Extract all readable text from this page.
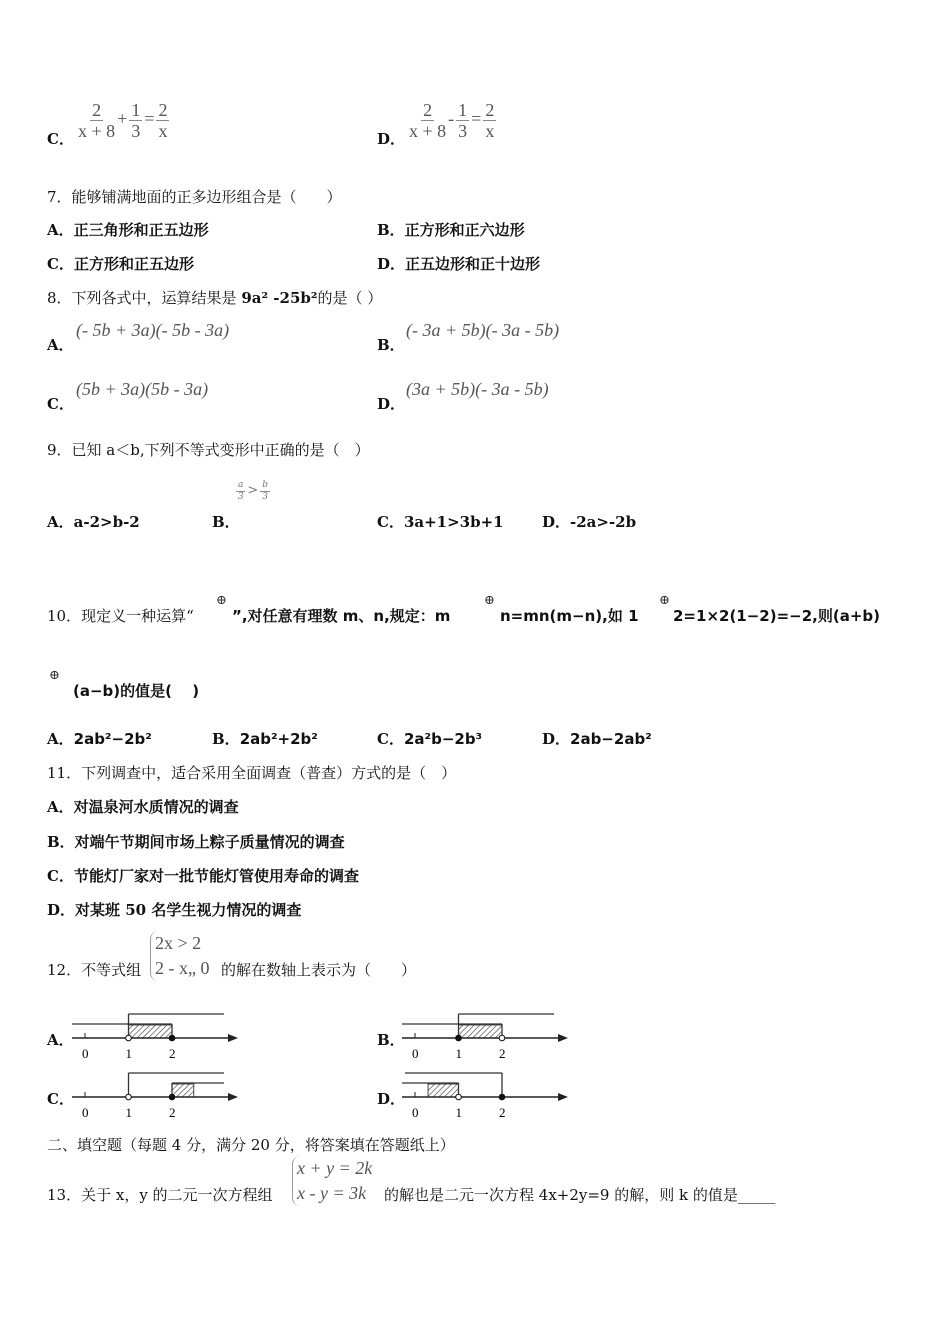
C． $\frac{2}{x + 8} + \frac{1}{3} = \frac{2}{x}$	D． $\frac{2}{x + 8} - \frac{1}{3} = \frac{2}{x}$
7．能够铺满地面的正多边形组合是（　　）
A．正三角形和正五边形	B．正方形和正六边形
C．正方形和正五边形	D．正五边形和正十边形
8．下列各式中，运算结果是 9a² -25b²的是（ ）
A．
(- 5b + 3a)(- 5b - 3a)
B．
(- 3a + 5b)(- 3a - 5b)
C．
(5b + 3a)(5b - 3a)
D．
(3a + 5b)(- 3a - 5b)
9．已知 a＜b,下列不等式变形中正确的是（　）
A．a-2>b-2	B．
$\frac{a}{3} > \frac{b}{3}$
C．3a+1>3b+1	D．-2a>-2b
10．现定义一种运算“
⊕
”,对任意有理数 m、n,规定：m
⊕
n=mn(m−n),如 1
⊕
2=1×2(1−2)=−2,则(a+b)
⊕
(a−b)的值是(　 )
A．2ab²−2b²	B．2ab²+2b²	C．2a²b−2b³	D．2ab−2ab²
11．下列调查中，适合采用全面调查（普查）方式的是（　）
A．对温泉河水质情况的调查
B．对端午节期间市场上粽子质量情况的调查
C．节能灯厂家对一批节能灯管使用寿命的调查
D．对某班 50 名学生视力情况的调查
12．不等式组
2x > 2
2 - x„ 0 的解在数轴上表示为（　　）
A．
0	1	2
B．
0	1	2
C．
0	1	2
D．
0	1	2
二、填空题（每题 4 分，满分 20 分，将答案填在答题纸上）
13．关于 x，y 的二元一次方程组
x + y = 2k
x - y = 3k	的解也是二元一次方程 4x+2y=9 的解，则 k 的值是_____
